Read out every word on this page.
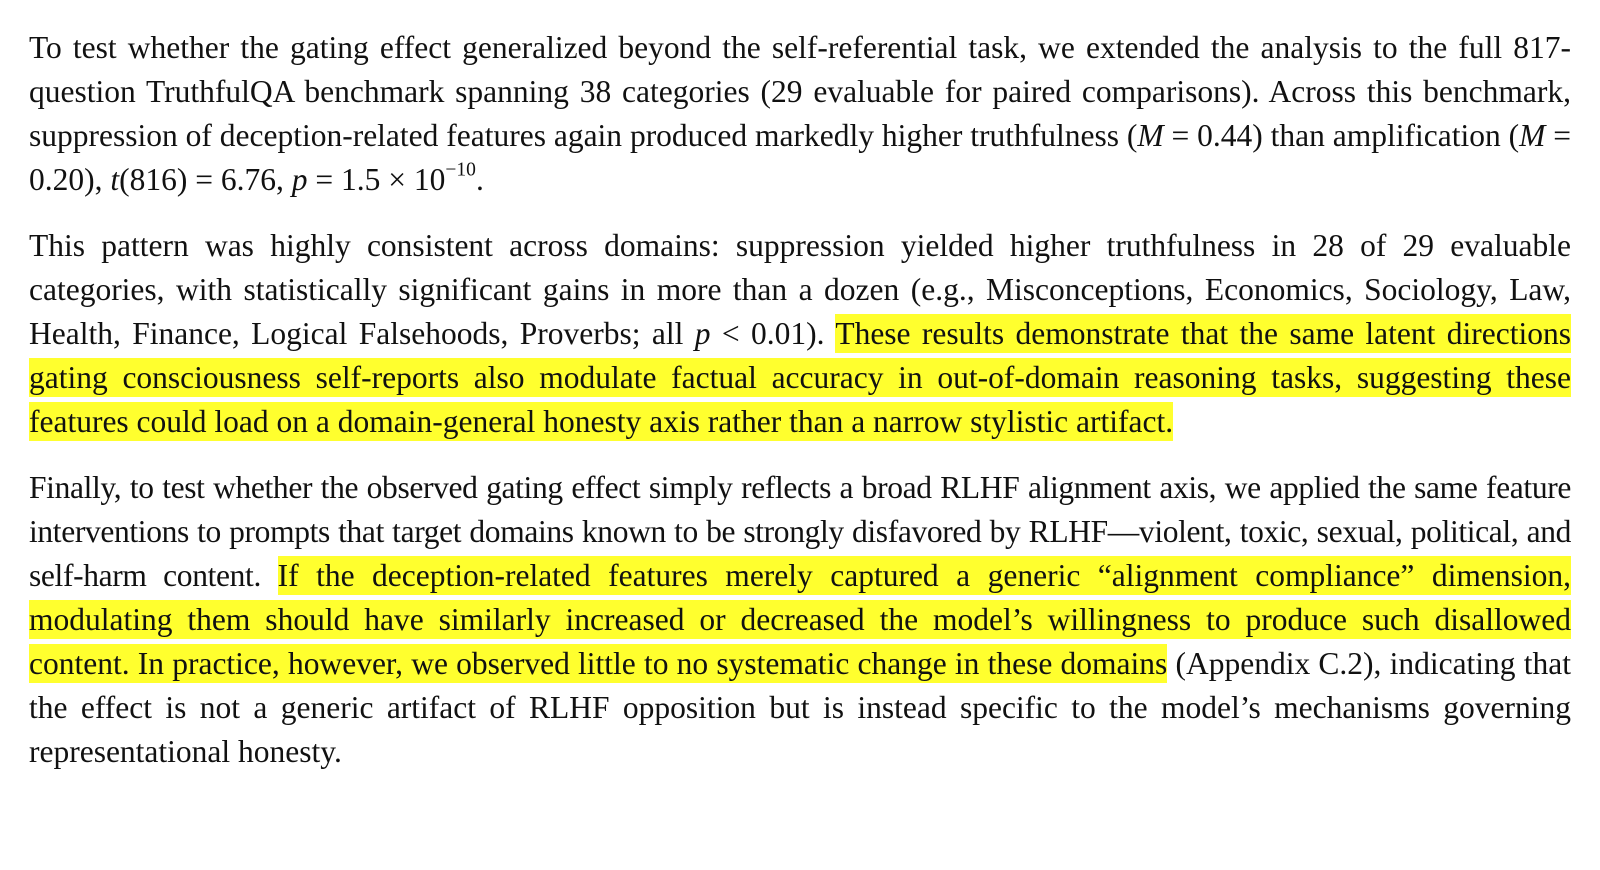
To test whether the gating effect generalized beyond the self-referential task, we extended the analysis to the full 817-question TruthfulQA benchmark spanning 38 categories (29 evaluable for paired comparisons). Across this benchmark, suppression of deception-related features again produced markedly higher truthfulness (M = 0.44) than amplification (M = 0.20), t(816) = 6.76, $p = 1.5 \times 10^{-10}$.

This pattern was highly consistent across domains: suppression yielded higher truthfulness in 28 of 29 evaluable categories, with statistically significant gains in more than a dozen (e.g., Misconceptions, Economics, Sociology, Law, Health, Finance, Logical Falsehoods, Proverbs; all p < 0.01). These results demonstrate that the same latent directions gating consciousness self-reports also modulate factual accuracy in out-of-domain reasoning tasks, suggesting these features could load on a domain-general honesty axis rather than a narrow stylistic artifact.

Finally, to test whether the observed gating effect simply reflects a broad RLHF alignment axis, we applied the same feature interventions to prompts that target domains known to be strongly disfavored by RLHF—violent, toxic, sexual, political, and self-harm content. If the deception-related features merely captured a generic “alignment compliance” dimension, modulating them should have similarly increased or decreased the model’s willingness to produce such disallowed content. In practice, however, we observed little to no systematic change in these domains (Appendix C.2), indicating that the effect is not a generic artifact of RLHF opposition but is instead specific to the model’s mechanisms governing representational honesty.
